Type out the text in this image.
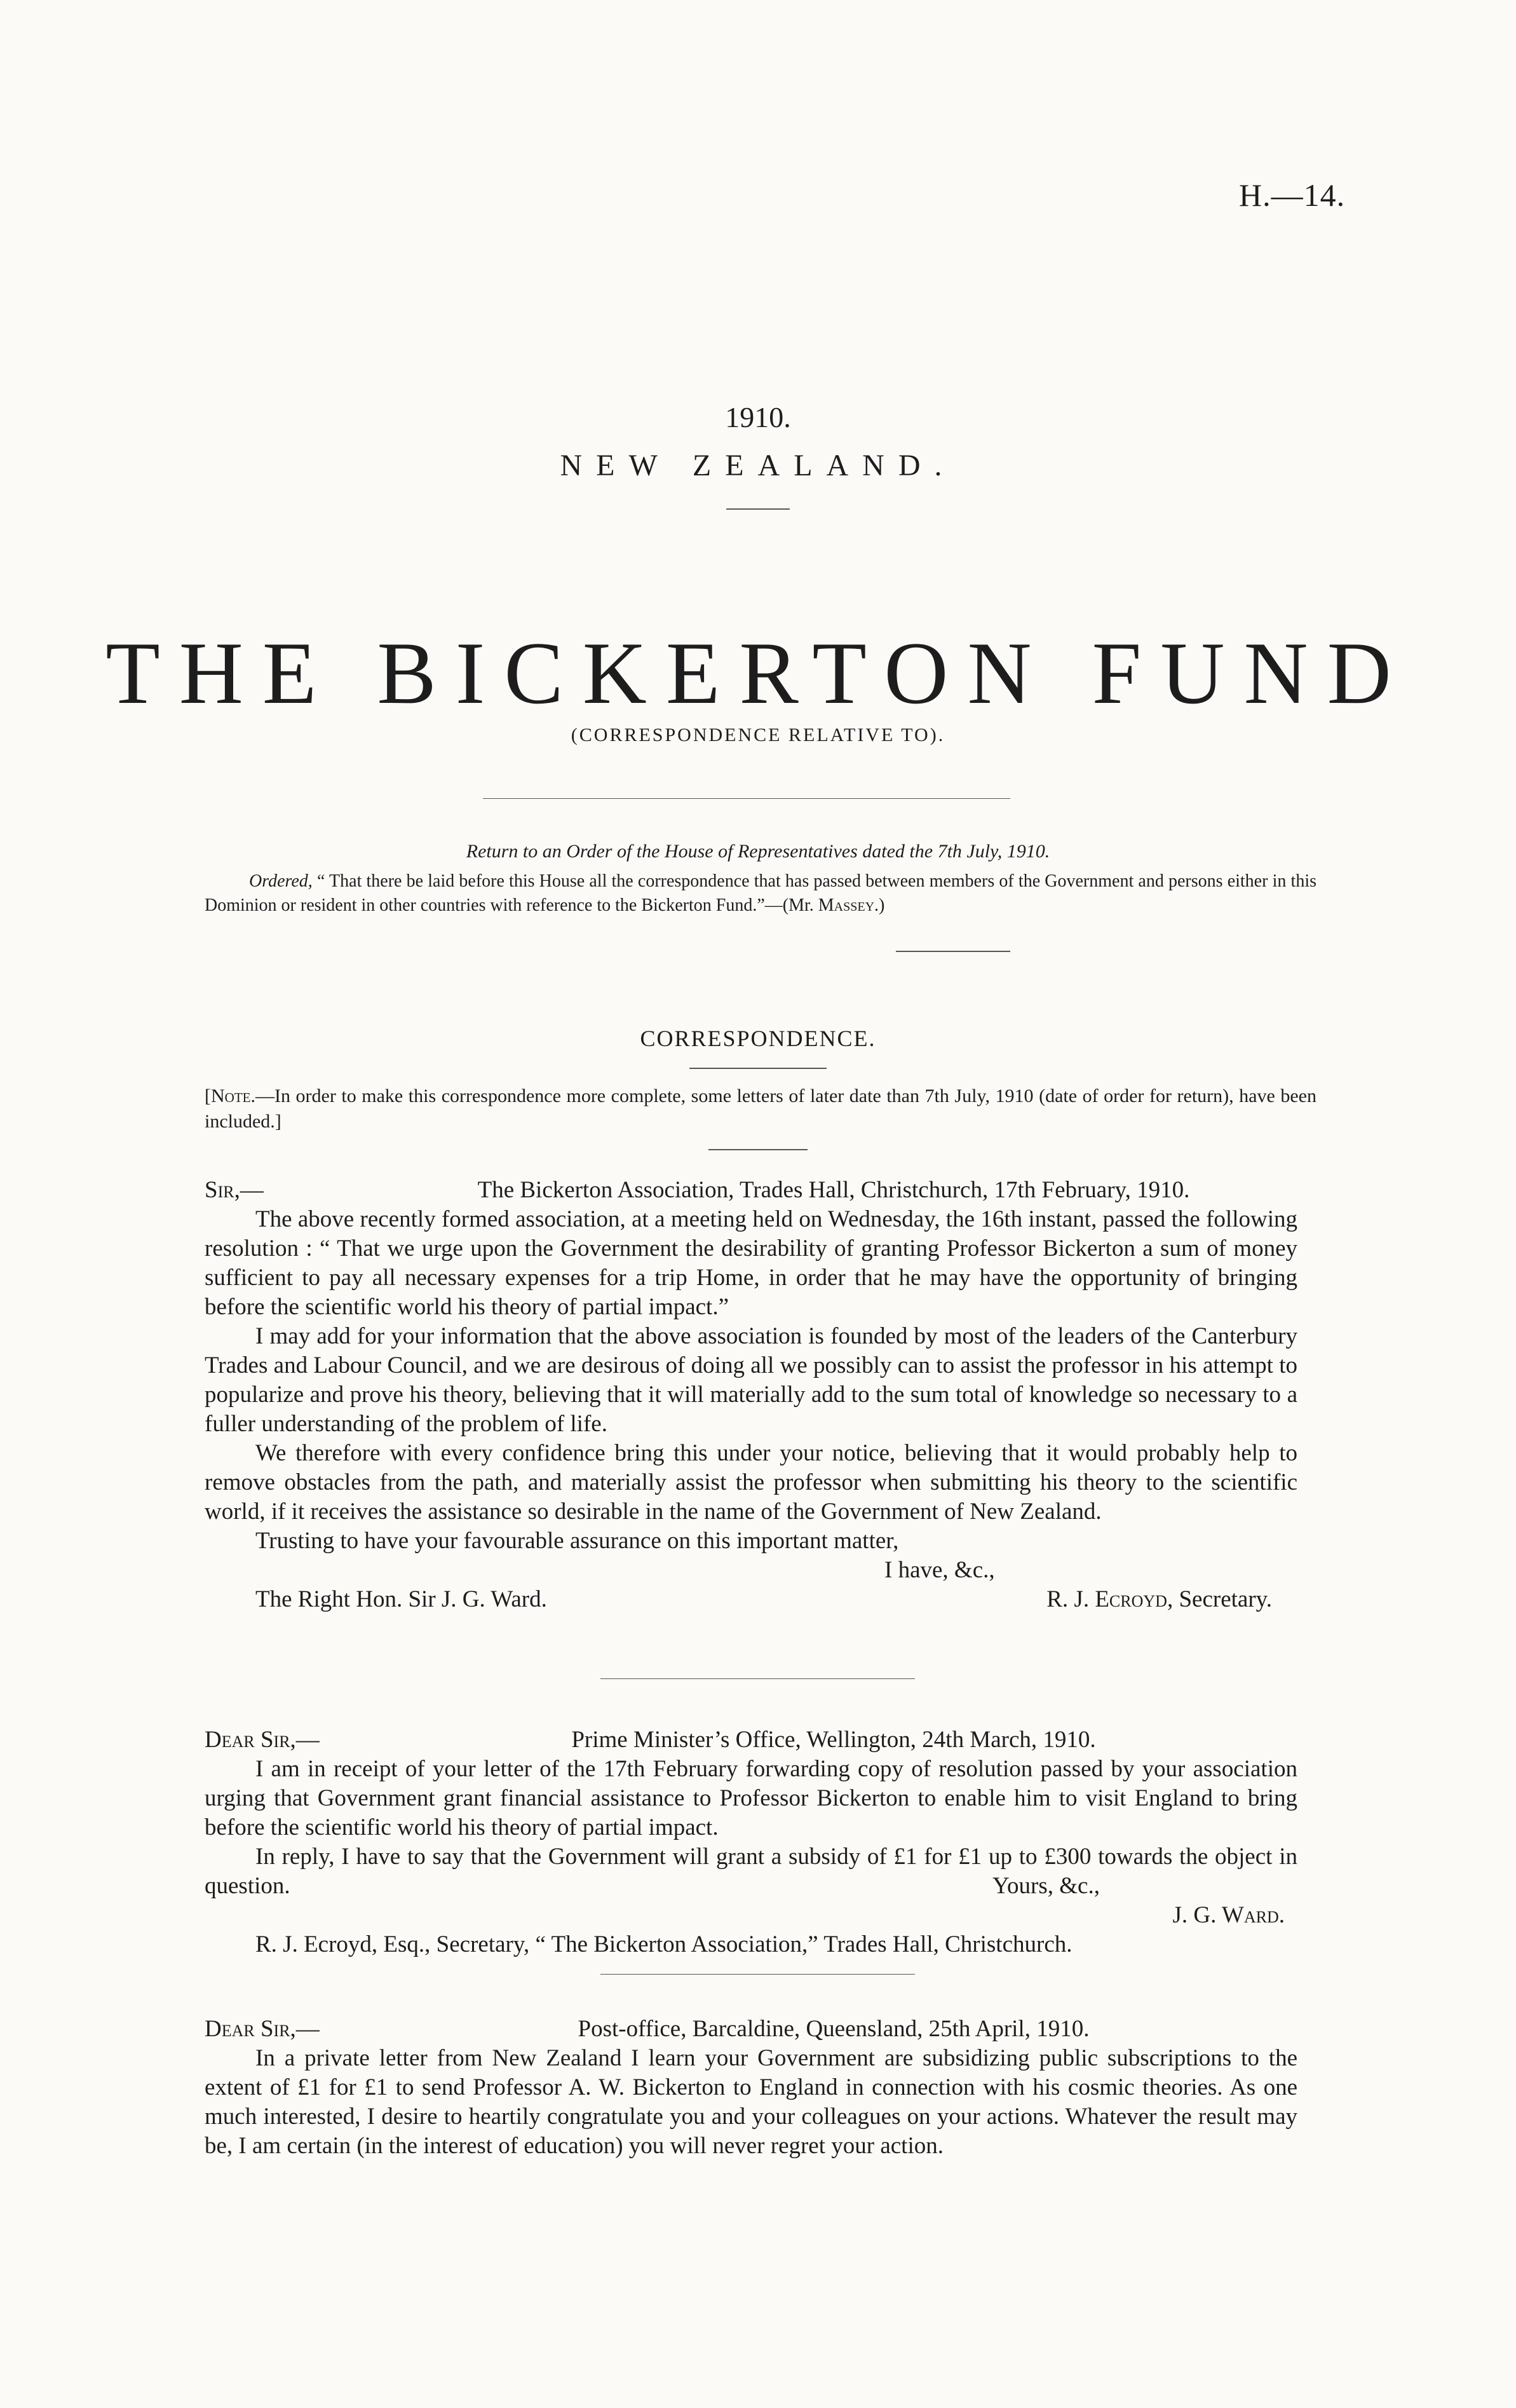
H.—14.
1910.
NEW ZEALAND.
THE BICKERTON FUND
(CORRESPONDENCE RELATIVE TO).
Return to an Order of the House of Representatives dated the 7th July, 1910.
Ordered, “ That there be laid before this House all the correspondence that has passed between members of the Government and persons either in this Dominion or resident in other countries with reference to the Bickerton Fund.”—(Mr. Massey.)
CORRESPONDENCE.
[Note.—In order to make this correspondence more complete, some letters of later date than 7th July, 1910 (date of order for return), have been included.]

Sir,—	The Bickerton Association, Trades Hall, Christchurch, 17th February, 1910.

The above recently formed association, at a meeting held on Wednesday, the 16th instant, passed the following resolution : “ That we urge upon the Government the desirability of granting Professor Bickerton a sum of money sufficient to pay all necessary expenses for a trip Home, in order that he may have the opportunity of bringing before the scientific world his theory of partial impact.”

I may add for your information that the above association is founded by most of the leaders of the Canterbury Trades and Labour Council, and we are desirous of doing all we possibly can to assist the professor in his attempt to popularize and prove his theory, believing that it will materially add to the sum total of knowledge so necessary to a fuller understanding of the problem of life.

We therefore with every confidence bring this under your notice, believing that it would probably help to remove obstacles from the path, and materially assist the professor when submitting his theory to the scientific world, if it receives the assistance so desirable in the name of the Government of New Zealand.

Trusting to have your favourable assurance on this important matter,

I have, &c.,
The Right Hon. Sir J. G. Ward.	R. J. Ecroyd, Secretary.

Dear Sir,—	Prime Minister’s Office, Wellington, 24th March, 1910.

I am in receipt of your letter of the 17th February forwarding copy of resolution passed by your association urging that Government grant financial assistance to Professor Bickerton to enable him to visit England to bring before the scientific world his theory of partial impact.

In reply, I have to say that the Government will grant a subsidy of £1 for £1 up to £300 towards the object in question.	Yours, &c.,
J. G. Ward.
R. J. Ecroyd, Esq., Secretary, “ The Bickerton Association,” Trades Hall, Christchurch.

Dear Sir,—	Post-office, Barcaldine, Queensland, 25th April, 1910.

In a private letter from New Zealand I learn your Government are subsidizing public subscriptions to the extent of £1 for £1 to send Professor A. W. Bickerton to England in connection with his cosmic theories. As one much interested, I desire to heartily congratulate you and your colleagues on your actions. Whatever the result may be, I am certain (in the interest of education) you will never regret your action.
